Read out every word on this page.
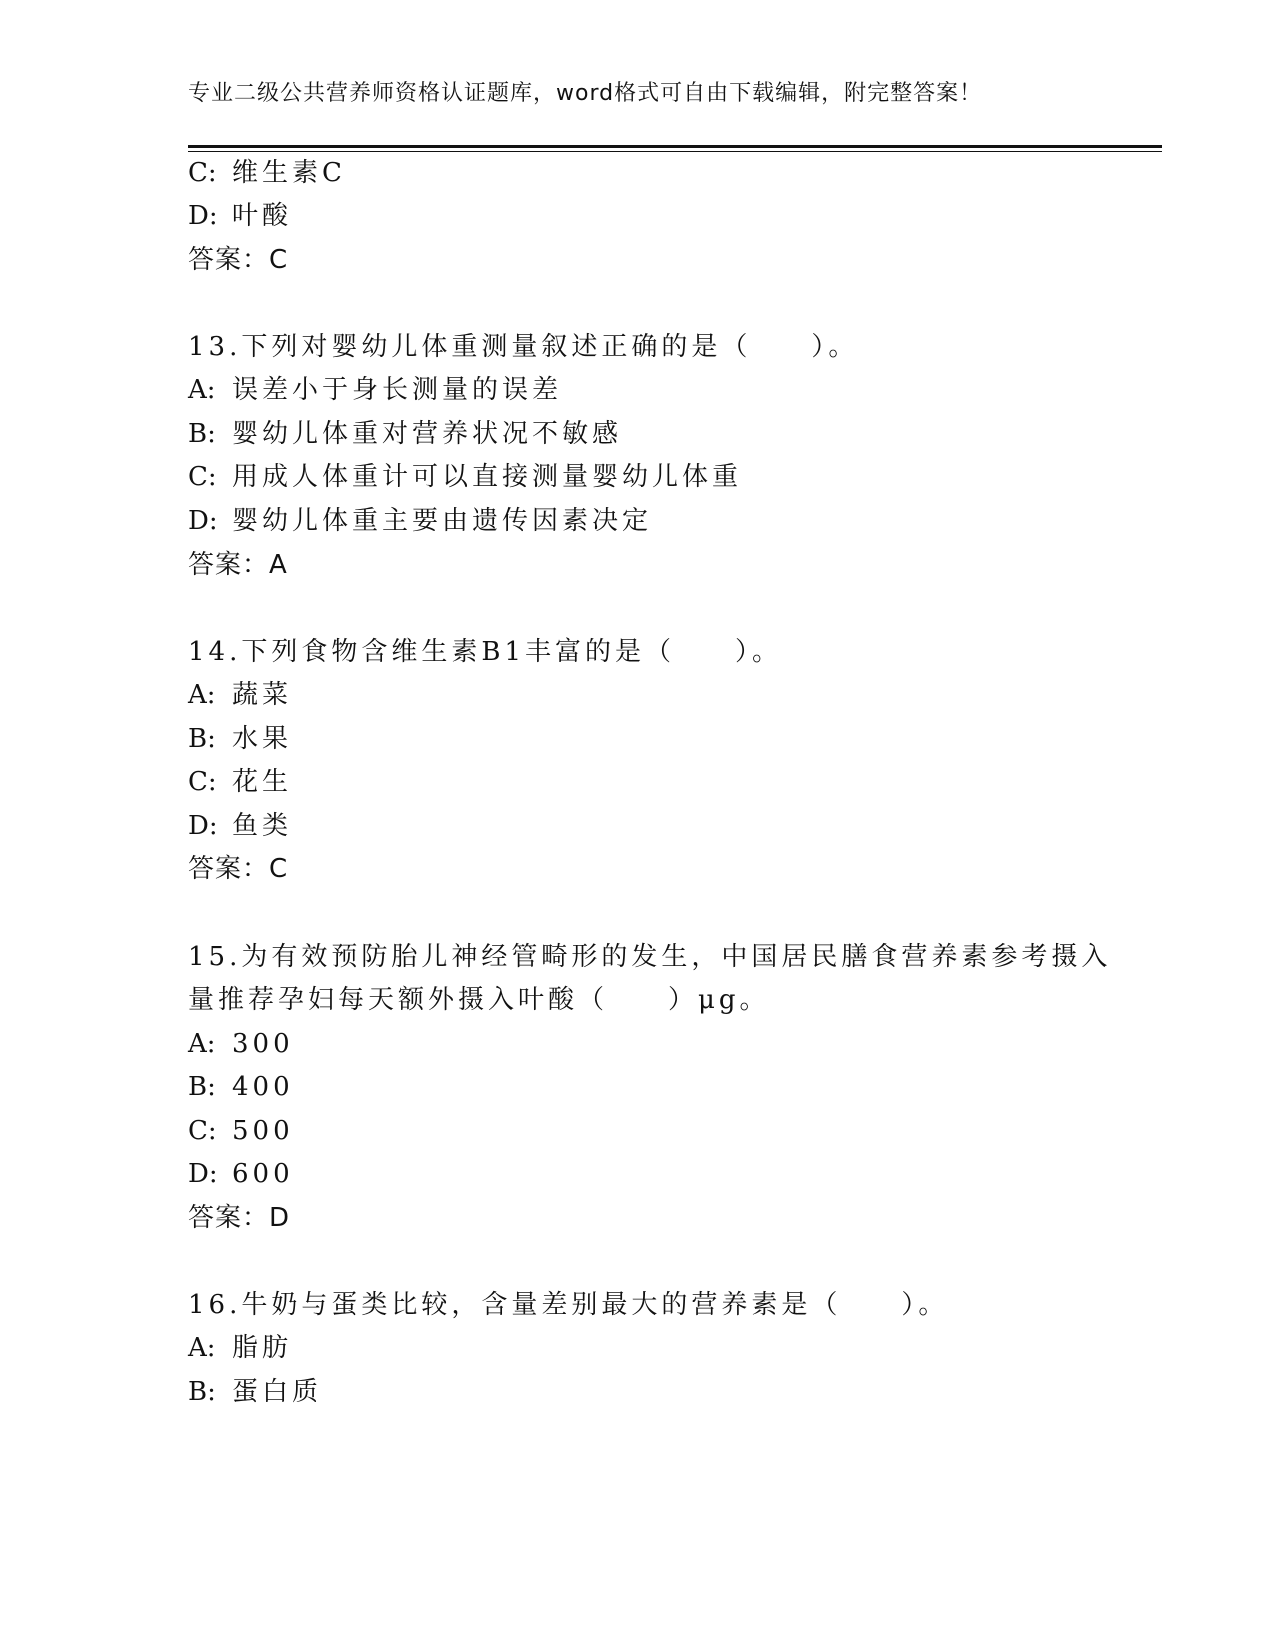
专业二级公共营养师资格认证题库，word格式可自由下载编辑，附完整答案！
C: 维生素C
D: 叶酸
答案：C
13.下列对婴幼儿体重测量叙述正确的是（　　）。
A: 误差小于身长测量的误差
B: 婴幼儿体重对营养状况不敏感
C: 用成人体重计可以直接测量婴幼儿体重
D: 婴幼儿体重主要由遗传因素决定
答案：A
14.下列食物含维生素B1丰富的是（　　）。
A: 蔬菜
B: 水果
C: 花生
D: 鱼类
答案：C
15.为有效预防胎儿神经管畸形的发生，中国居民膳食营养素参考摄入
量推荐孕妇每天额外摄入叶酸（　　）μg。
A: 300
B: 400
C: 500
D: 600
答案：D
16.牛奶与蛋类比较，含量差别最大的营养素是（　　）。
A: 脂肪
B: 蛋白质
